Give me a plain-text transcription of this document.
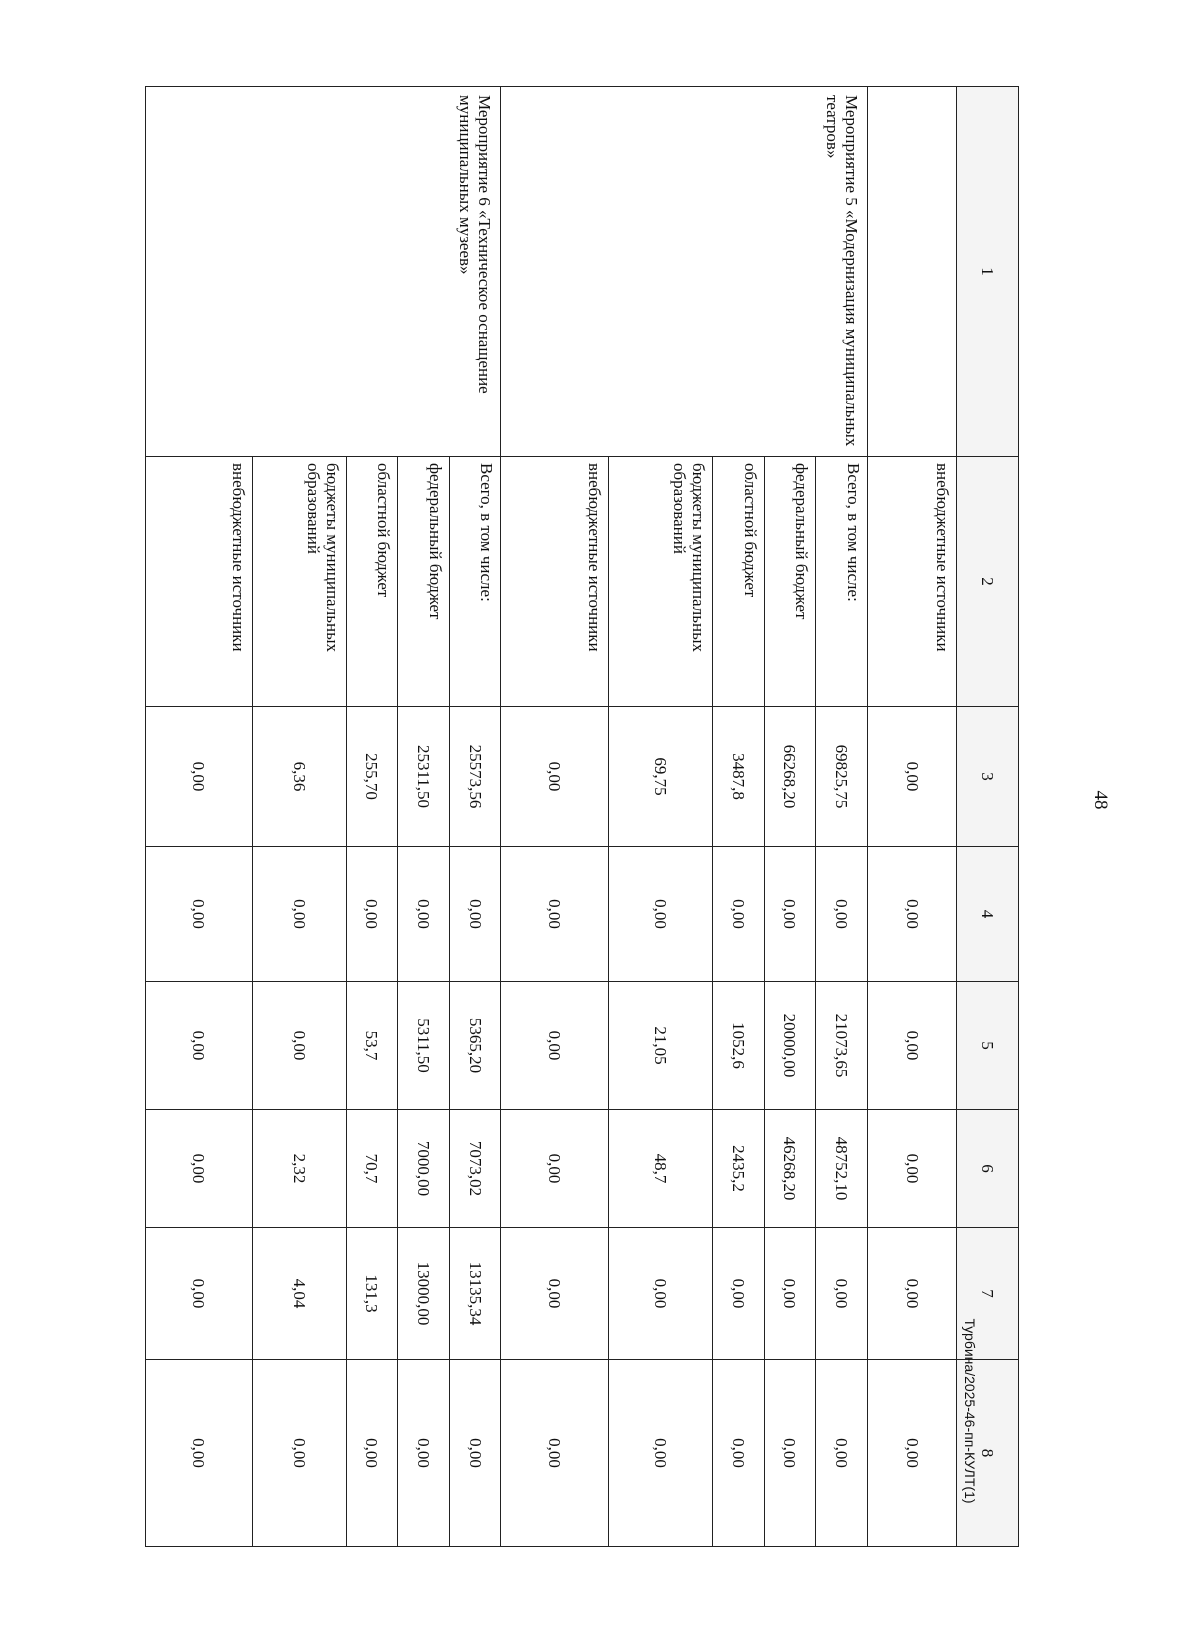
48
1	2	3	4	5	6	7	8
	внебюджетные источники	0,00	0,00	0,00	0,00	0,00	0,00
Мероприятие 5 «Модернизация муниципальных театров»	Всего, в том числе:	69825,75	0,00	21073,65	48752,10	0,00	0,00
	федеральный бюджет	66268,20	0,00	20000,00	46268,20	0,00	0,00
	областной бюджет	3487,8	0,00	1052,6	2435,2	0,00	0,00
	бюджеты муниципальных образований	69,75	0,00	21,05	48,7	0,00	0,00
	внебюджетные источники	0,00	0,00	0,00	0,00	0,00	0,00
Мероприятие 6 «Техническое оснащение муниципальных музеев»	Всего, в том числе:	25573,56	0,00	5365,20	7073,02	13135,34	0,00
	федеральный бюджет	25311,50	0,00	5311,50	7000,00	13000,00	0,00
	областной бюджет	255,70	0,00	53,7	70,7	131,3	0,00
	бюджеты муниципальных образований	6,36	0,00	0,00	2,32	4,04	0,00
	внебюджетные источники	0,00	0,00	0,00	0,00	0,00	0,00	Турбина/2025-46-пп-КУЛТ(1)
